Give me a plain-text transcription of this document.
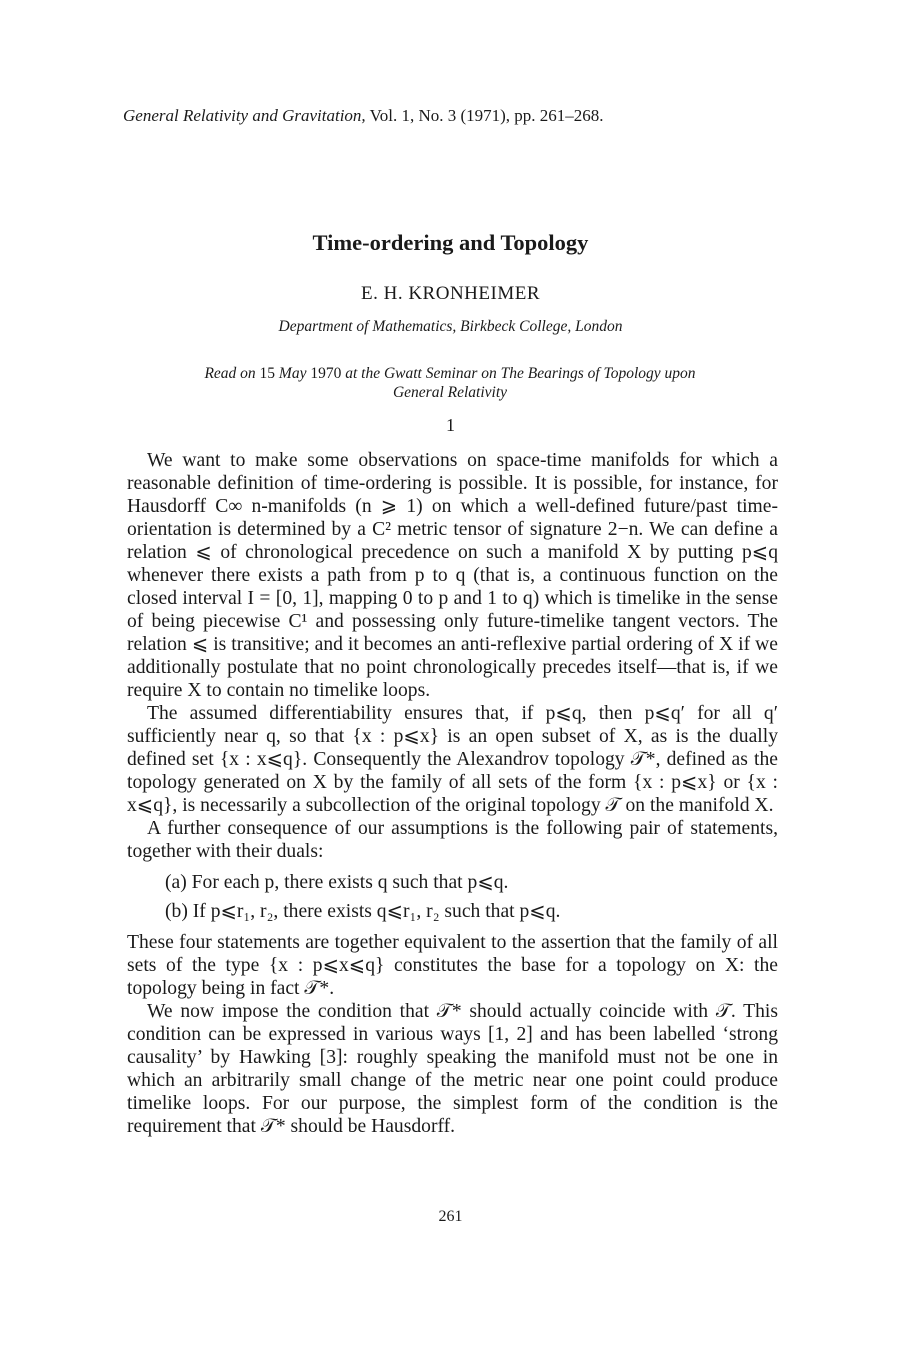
General Relativity and Gravitation, Vol. 1, No. 3 (1971), pp. 261–268.
Time-ordering and Topology
E. H. KRONHEIMER
Department of Mathematics, Birkbeck College, London
Read on 15 May 1970 at the Gwatt Seminar on The Bearings of Topology upon
General Relativity
1

We want to make some observations on space-time manifolds for which a reasonable definition of time-ordering is possible. It is possible, for instance, for Hausdorff C∞ n-manifolds (n ⩾ 1) on which a well-defined future/past time-orientation is determined by a C² metric tensor of signature 2−n. We can define a relation ⩽ of chronological precedence on such a manifold X by putting p⩽q whenever there exists a path from p to q (that is, a continuous function on the closed interval I = [0, 1], mapping 0 to p and 1 to q) which is timelike in the sense of being piecewise C¹ and possessing only future-timelike tangent vectors. The relation ⩽ is transitive; and it becomes an anti-reflexive partial ordering of X if we additionally postulate that no point chronologically precedes itself—that is, if we require X to contain no timelike loops.

The assumed differentiability ensures that, if p⩽q, then p⩽q′ for all q′ sufficiently near q, so that {x : p⩽x} is an open subset of X, as is the dually defined set {x : x⩽q}. Consequently the Alexandrov topology 𝒯*, defined as the topology generated on X by the family of all sets of the form {x : p⩽x} or {x : x⩽q}, is necessarily a subcollection of the original topology 𝒯 on the manifold X.

A further consequence of our assumptions is the following pair of statements, together with their duals:

(a) For each p, there exists q such that p⩽q.
(b) If p⩽r₁, r₂, there exists q⩽r₁, r₂ such that p⩽q.

These four statements are together equivalent to the assertion that the family of all sets of the type {x : p⩽x⩽q} constitutes the base for a topology on X: the topology being in fact 𝒯*.

We now impose the condition that 𝒯* should actually coincide with 𝒯. This condition can be expressed in various ways [1, 2] and has been labelled ‘strong causality’ by Hawking [3]: roughly speaking the manifold must not be one in which an arbitrarily small change of the metric near one point could produce timelike loops. For our purpose, the simplest form of the condition is the requirement that 𝒯* should be Hausdorff.

261
